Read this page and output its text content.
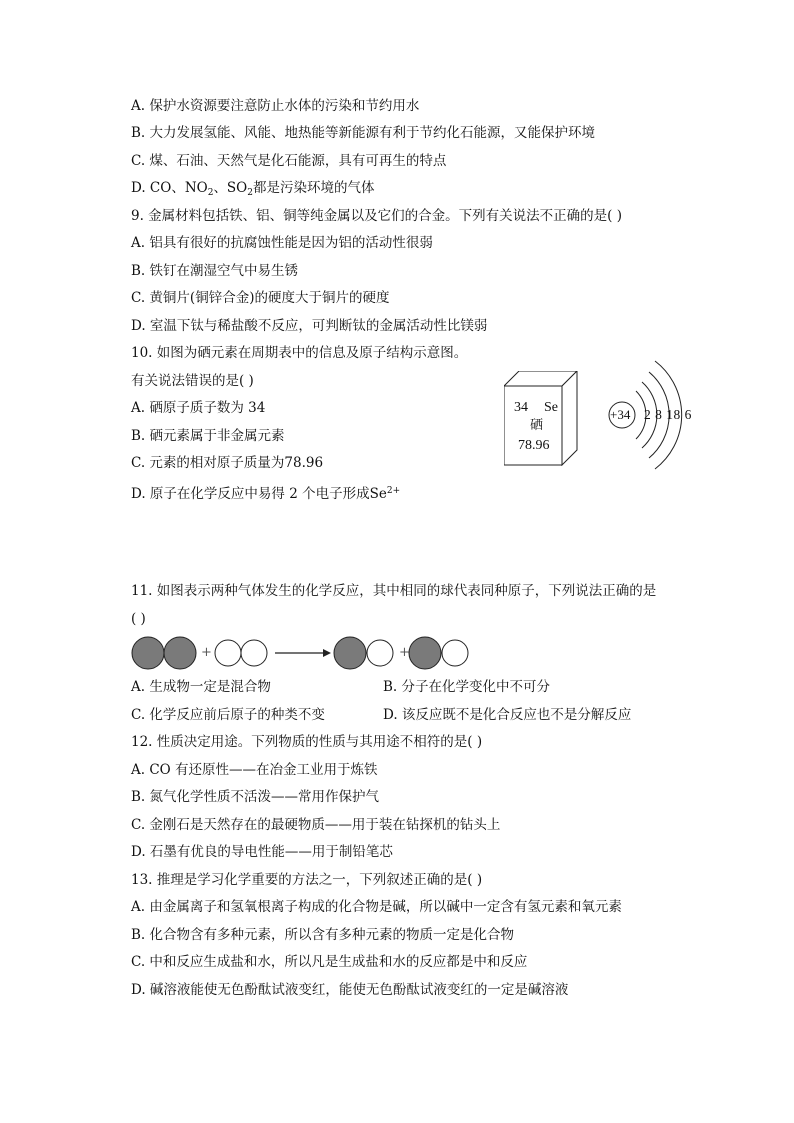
A. 保护水资源要注意防止水体的污染和节约用水
B. 大力发展氢能、风能、地热能等新能源有利于节约化石能源，又能保护环境
C. 煤、石油、天然气是化石能源，具有可再生的特点
D. CO、$NO_2$、$SO_2$都是污染环境的气体
9. 金属材料包括铁、铝、铜等纯金属以及它们的合金。下列有关说法不正确的是( )
A. 铝具有很好的抗腐蚀性能是因为铝的活动性很弱
B. 铁钉在潮湿空气中易生锈
C. 黄铜片(铜锌合金)的硬度大于铜片的硬度
D. 室温下钛与稀盐酸不反应，可判断钛的金属活动性比镁弱
10. 如图为硒元素在周期表中的信息及原子结构示意图。
有关说法错误的是( )
A. 硒原子质子数为 34
B. 硒元素属于非金属元素
C. 元素的相对原子质量为78.96
D. 原子在化学反应中易得 2 个电子形成$Se^{2+}$
34 Se
硒
78.96
+34 2 8 18 6
11. 如图表示两种气体发生的化学反应，其中相同的球代表同种原子，下列说法正确的是
( )
+	+
A. 生成物一定是混合物	B. 分子在化学变化中不可分
C. 化学反应前后原子的种类不变	D. 该反应既不是化合反应也不是分解反应
12. 性质决定用途。下列物质的性质与其用途不相符的是( )
A. CO 有还原性——在冶金工业用于炼铁
B. 氮气化学性质不活泼——常用作保护气
C. 金刚石是天然存在的最硬物质——用于装在钻探机的钻头上
D. 石墨有优良的导电性能——用于制铅笔芯
13. 推理是学习化学重要的方法之一，下列叙述正确的是( )
A. 由金属离子和氢氧根离子构成的化合物是碱，所以碱中一定含有氢元素和氧元素
B. 化合物含有多种元素，所以含有多种元素的物质一定是化合物
C. 中和反应生成盐和水，所以凡是生成盐和水的反应都是中和反应
D. 碱溶液能使无色酚酞试液变红，能使无色酚酞试液变红的一定是碱溶液
